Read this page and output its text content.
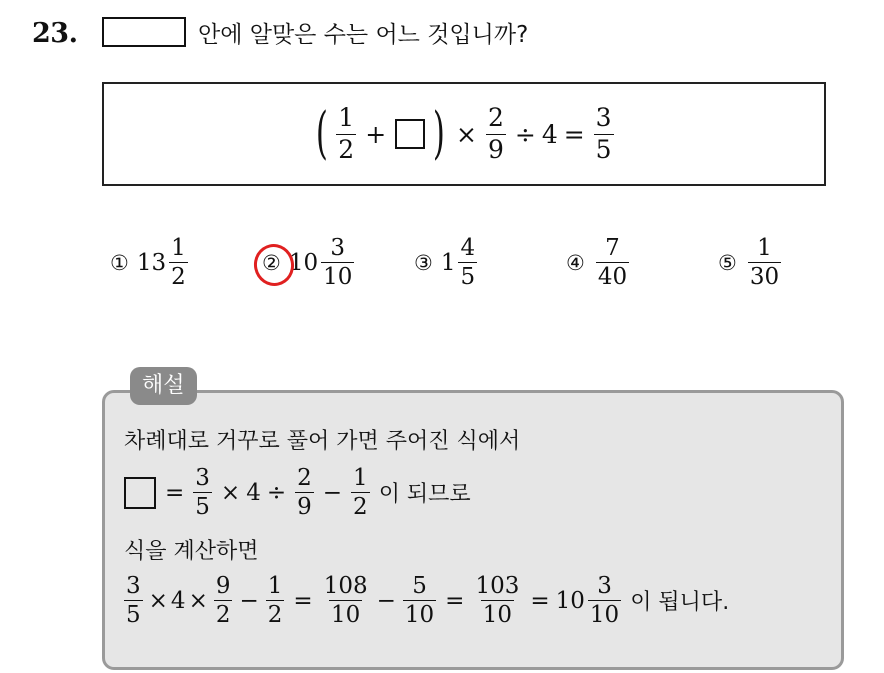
23.	안에 알맞은 수는 어느 것입니까?
( $\frac{1}{2}$ + ) × $\frac{2}{9} \div 4 = \frac{3}{5}$
① $13 \frac{1}{2}$	② $10 \frac{3}{10}$	③ $1 \frac{4}{5}$	④ $\frac{7}{40}$	⑤ $\frac{1}{30}$
해설
차례대로 거꾸로 풀어 가면 주어진 식에서
= $\frac{3}{5} \times 4 \div \frac{2}{9} - \frac{1}{2}$ 이 되므로
식을 계산하면
$\frac{3}{5} \times 4 \times \frac{9}{2} - \frac{1}{2} = \frac{108}{10} - \frac{5}{10} = \frac{103}{10} = 10 \frac{3}{10}$ 이 됩니다.
